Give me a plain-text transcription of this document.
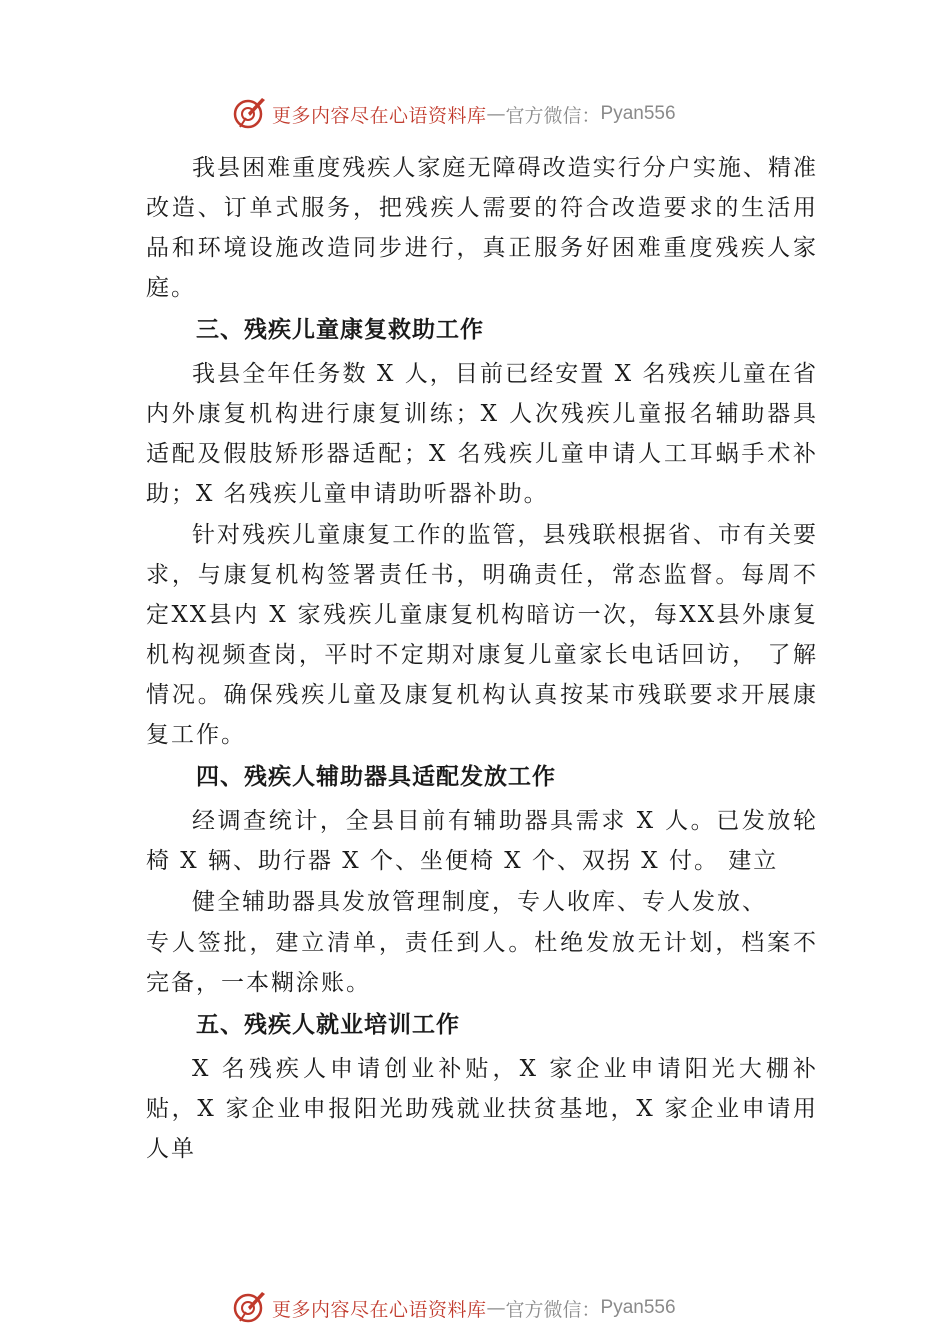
更多内容尽在心语资料库 — 官方微信： Pyan556

我县困难重度残疾人家庭无障碍改造实行分户实施、精准改造、订单式服务，把残疾人需要的符合改造要求的生活用品和环境设施改造同步进行，真正服务好困难重度残疾人家庭。

三、残疾儿童康复救助工作

我县全年任务数 X 人，目前已经安置 X 名残疾儿童在省内外康复机构进行康复训练；X 人次残疾儿童报名辅助器具适配及假肢矫形器适配；X 名残疾儿童申请人工耳蜗手术补助；X 名残疾儿童申请助听器补助。

针对残疾儿童康复工作的监管，县残联根据省、市有关要求，与康复机构签署责任书，明确责任，常态监督。每周不定XX县内 X 家残疾儿童康复机构暗访一次，每XX县外康复机构视频查岗，平时不定期对康复儿童家长电话回访， 了解情况。确保残疾儿童及康复机构认真按某市残联要求开展康复工作。

四、残疾人辅助器具适配发放工作

经调查统计，全县目前有辅助器具需求 X 人。已发放轮椅 X 辆、助行器 X 个、坐便椅 X 个、双拐 X 付。 建立

健全辅助器具发放管理制度，专人收库、专人发放、

专人签批，建立清单，责任到人。杜绝发放无计划，档案不完备，一本糊涂账。

五、残疾人就业培训工作

X 名残疾人申请创业补贴，X 家企业申请阳光大棚补贴，X 家企业申报阳光助残就业扶贫基地，X 家企业申请用人单

更多内容尽在心语资料库 — 官方微信： Pyan556
